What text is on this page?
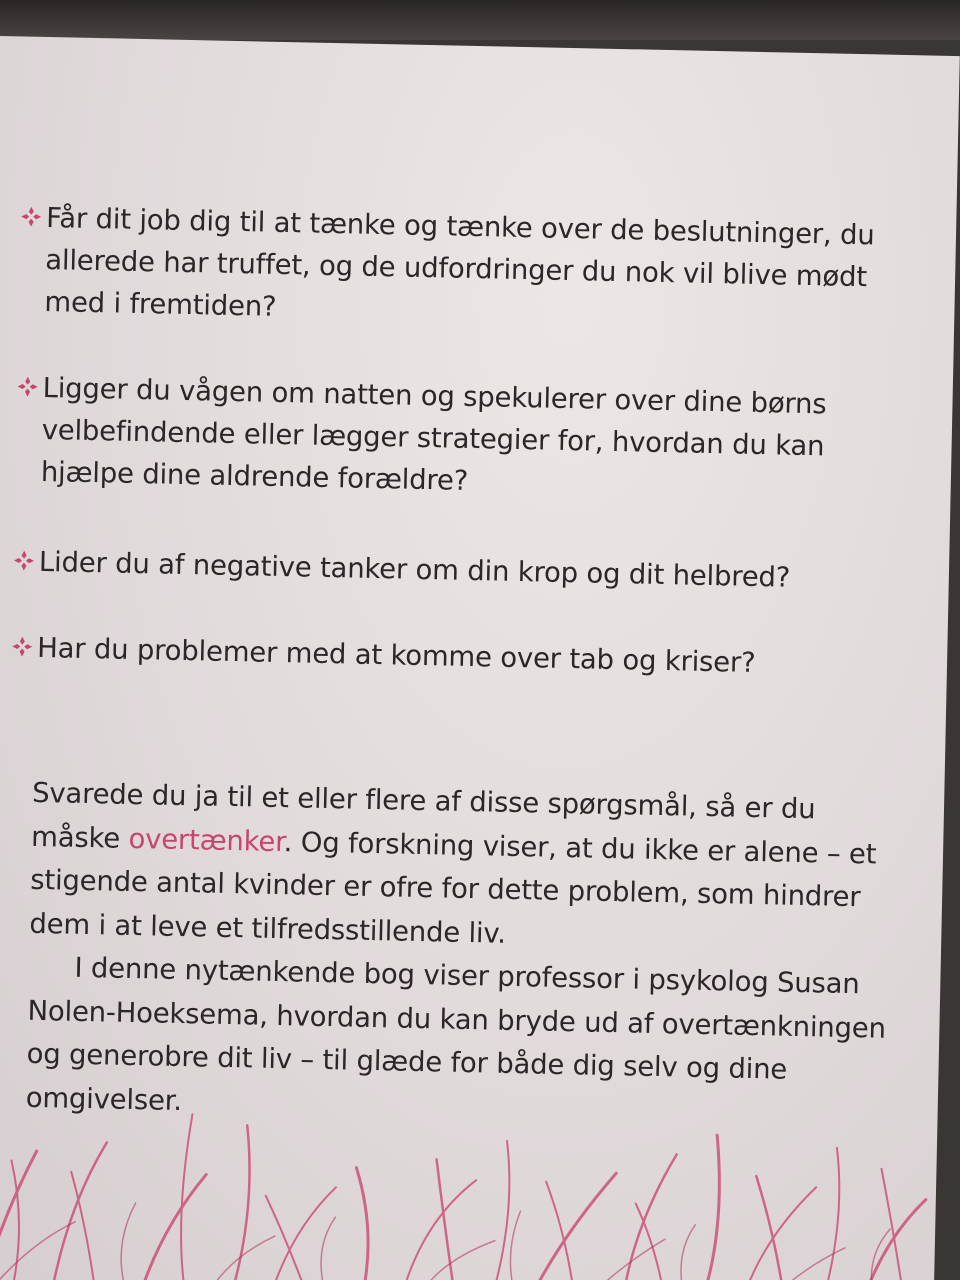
Får dit job dig til at tænke og tænke over de beslutninger, du allerede har truffet, og de udfordringer du nok vil blive mødt med i fremtiden?
Ligger du vågen om natten og spekulerer over dine børns velbefindende eller lægger strategier for, hvordan du kan hjælpe dine aldrende forældre?
Lider du af negative tanker om din krop og dit helbred?
Har du problemer med at komme over tab og kriser?

Svarede du ja til et eller flere af disse spørgsmål, så er du måske overtænker. Og forskning viser, at du ikke er alene – et stigende antal kvinder er ofre for dette problem, som hindrer dem i at leve et tilfredsstillende liv.

I denne nytænkende bog viser professor i psykolog Susan Nolen-Hoeksema, hvordan du kan bryde ud af overtænkningen og generobre dit liv – til glæde for både dig selv og dine omgivelser.
